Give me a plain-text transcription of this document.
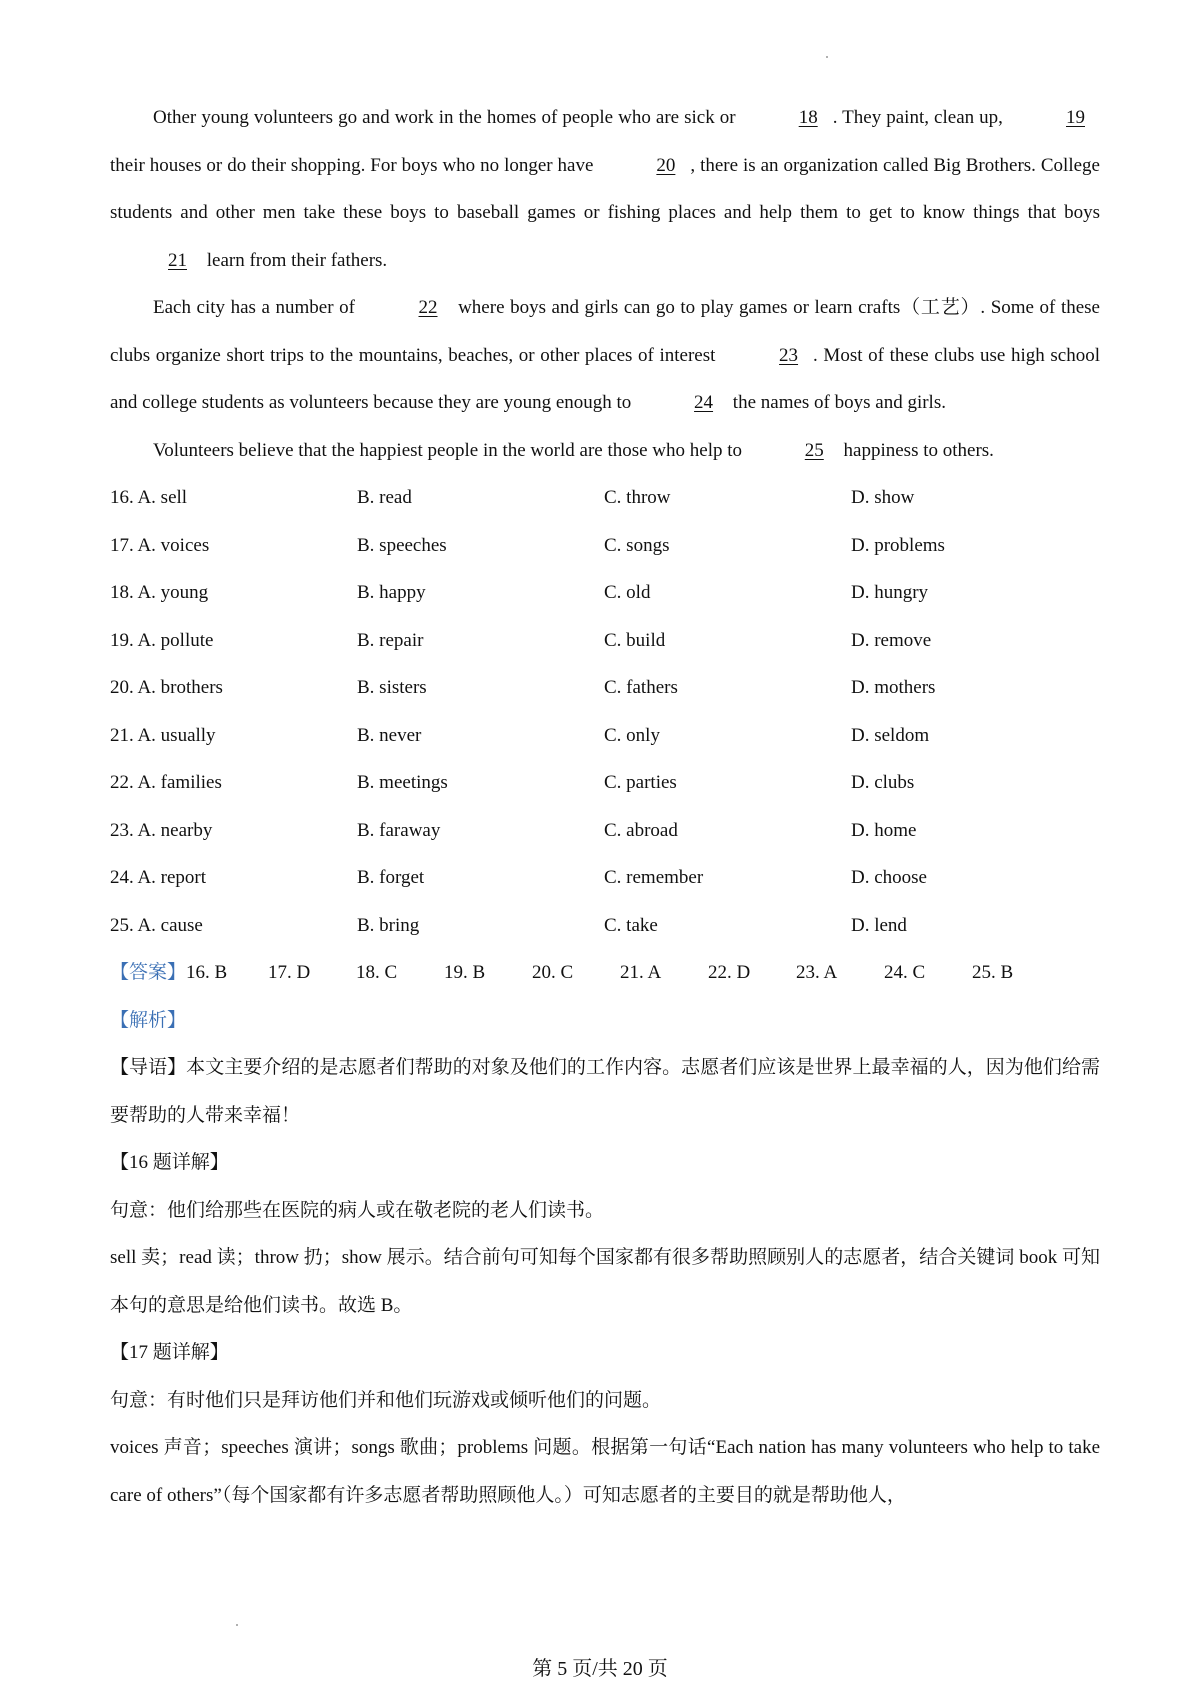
Other young volunteers go and work in the homes of people who are sick or	18 . They paint, clean up,	19 their houses or do their shopping. For boys who no longer have	20 , there is an organization called Big Brothers. College students and other men take these boys to baseball games or fishing places and help them to get to know things that boys 21 learn from their fathers.

Each city has a number of	22 where boys and girls can go to play games or learn crafts（工艺）. Some of these clubs organize short trips to the mountains, beaches, or other places of interest	23 . Most of these clubs use high school and college students as volunteers because they are young enough to	24 the names of boys and girls.

Volunteers believe that the happiest people in the world are those who help to	25 happiness to others.

16. A. sell	B. read	C. throw	D. show
17. A. voices	B. speeches	C. songs	D. problems
18. A. young	B. happy	C. old	D. hungry
19. A. pollute	B. repair	C. build	D. remove
20. A. brothers	B. sisters	C. fathers	D. mothers
21. A. usually	B. never	C. only	D. seldom
22. A. families	B. meetings	C. parties	D. clubs
23. A. nearby	B. faraway	C. abroad	D. home
24. A. report	B. forget	C. remember	D. choose
25. A. cause	B. bring	C. take	D. lend
【答案】 16. B	17. D	18. C	19. B	20. C	21. A	22. D	23. A	24. C	25. B

【解析】

【导语】本文主要介绍的是志愿者们帮助的对象及他们的工作内容。志愿者们应该是世界上最幸福的人，因为他们给需要帮助的人带来幸福！

【16 题详解】

句意：他们给那些在医院的病人或在敬老院的老人们读书。

sell 卖；read 读；throw 扔；show 展示。结合前句可知每个国家都有很多帮助照顾别人的志愿者，结合关键词 book 可知本句的意思是给他们读书。故选 B。

【17 题详解】

句意：有时他们只是拜访他们并和他们玩游戏或倾听他们的问题。

voices 声音；speeches 演讲；songs 歌曲；problems 问题。根据第一句话“Each nation has many volunteers who help to take care of others”（每个国家都有许多志愿者帮助照顾他人。）可知志愿者的主要目的就是帮助他人，

第 5 页/共 20 页
